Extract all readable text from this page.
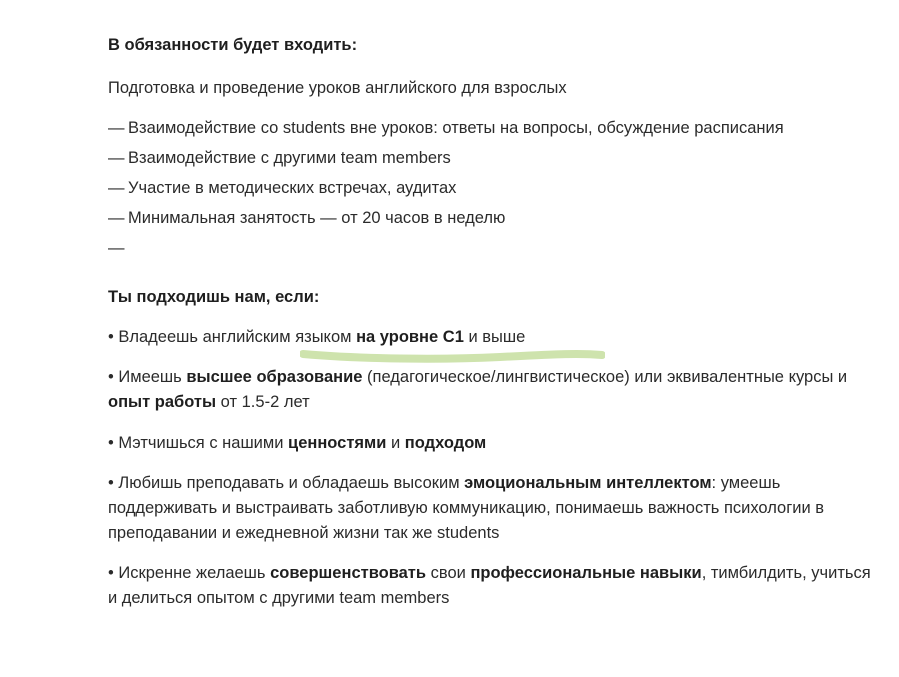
В обязанности будет входить:
Подготовка и проведение уроков английского для взрослых
— Взаимодействие со students вне уроков: ответы на вопросы, обсуждение расписания
— Взаимодействие с другими team members
— Участие в методических встречах, аудитах
— Минимальная занятость — от 20 часов в неделю
—
Ты подходишь нам, если:
• Владеешь английским языком на уровне С1 и выше
• Имеешь высшее образование (педагогическое/лингвистическое) или эквивалентные курсы и опыт работы от 1.5-2 лет
• Мэтчишься с нашими ценностями и подходом
• Любишь преподавать и обладаешь высоким эмоциональным интеллектом: умеешь поддерживать и выстраивать заботливую коммуникацию, понимаешь важность психологии в преподавании и ежедневной жизни так же students
• Искренне желаешь совершенствовать свои профессиональные навыки, тимбилдить, учиться и делиться опытом с другими team members
